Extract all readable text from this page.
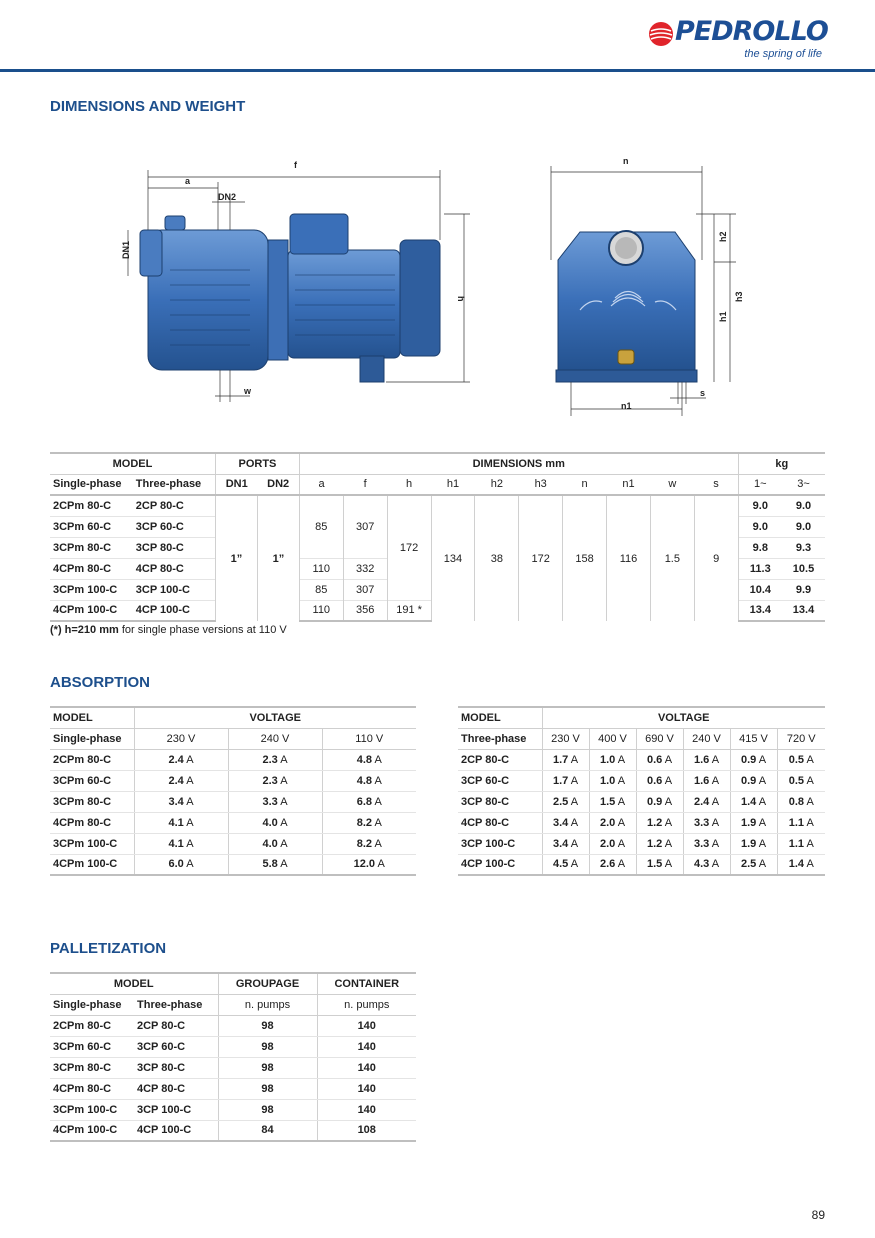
PEDROLLO
the spring of life
DIMENSIONS AND WEIGHT
f
a
DN2
DN1
h
w
n
h2
h1
h3
s
n1
MODEL		PORTS		DIMENSIONS mm										kg	
Single-phase	Three-phase	DN1	DN2	a	f	h	h1	h2	h3	n	n1	w	s	1~	3~
2CPm 80-C	2CP 80-C	1”	1”	85	307	172	134	38	172	158	116	1.5	9	9.0	9.0
3CPm 60-C	3CP 60-C													9.0	9.0
3CPm 80-C	3CP 80-C													9.8	9.3
4CPm 80-C	4CP 80-C			110	332									11.3	10.5
3CPm 100-C	3CP 100-C			85	307									10.4	9.9
4CPm 100-C	4CP 100-C			110	356	191 *								13.4	13.4
(*) h=210 mm for single phase versions at 110 V
ABSORPTION
MODEL	VOLTAGE		
Single-phase	230 V	240 V	110 V
2CPm 80-C	2.4 A	2.3 A	4.8 A
3CPm 60-C	2.4 A	2.3 A	4.8 A
3CPm 80-C	3.4 A	3.3 A	6.8 A
4CPm 80-C	4.1 A	4.0 A	8.2 A
3CPm 100-C	4.1 A	4.0 A	8.2 A
4CPm 100-C	6.0 A	5.8 A	12.0 A
MODEL	VOLTAGE					
Three-phase	230 V	400 V	690 V	240 V	415 V	720 V
2CP 80-C	1.7 A	1.0 A	0.6 A	1.6 A	0.9 A	0.5 A
3CP 60-C	1.7 A	1.0 A	0.6 A	1.6 A	0.9 A	0.5 A
3CP 80-C	2.5 A	1.5 A	0.9 A	2.4 A	1.4 A	0.8 A
4CP 80-C	3.4 A	2.0 A	1.2 A	3.3 A	1.9 A	1.1 A
3CP 100-C	3.4 A	2.0 A	1.2 A	3.3 A	1.9 A	1.1 A
4CP 100-C	4.5 A	2.6 A	1.5 A	4.3 A	2.5 A	1.4 A
PALLETIZATION
MODEL		GROUPAGE	CONTAINER
Single-phase	Three-phase	n. pumps	n. pumps
2CPm 80-C	2CP 80-C	98	140
3CPm 60-C	3CP 60-C	98	140
3CPm 80-C	3CP 80-C	98	140
4CPm 80-C	4CP 80-C	98	140
3CPm 100-C	3CP 100-C	98	140
4CPm 100-C	4CP 100-C	84	108
89
